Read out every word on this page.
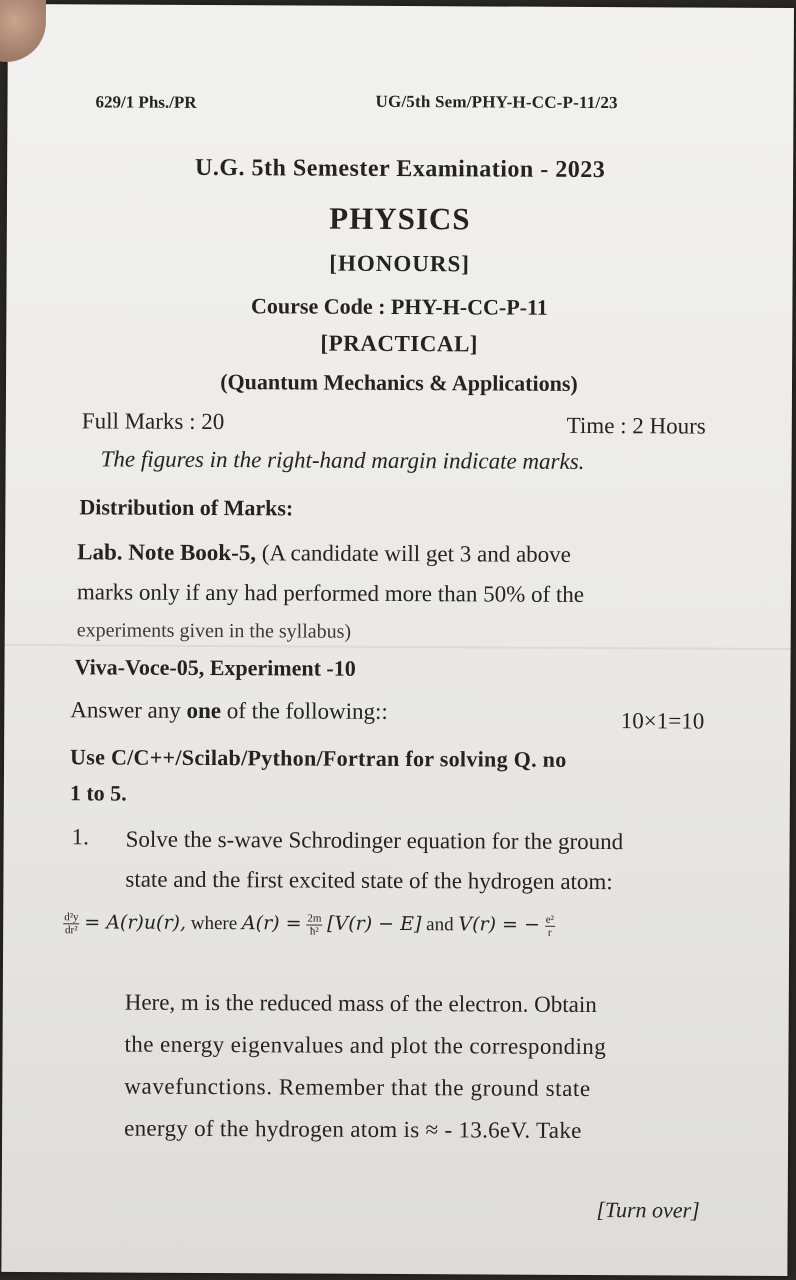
629/1 Phs./PR	UG/5th Sem/PHY-H-CC-P-11/23
U.G. 5th Semester Examination - 2023
PHYSICS
[HONOURS]
Course Code : PHY-H-CC-P-11
[PRACTICAL]
(Quantum Mechanics & Applications)
Full Marks : 20	Time : 2 Hours
The figures in the right-hand margin indicate marks.
Distribution of Marks:
Lab. Note Book-5, (A candidate will get 3 and above
marks only if any had performed more than 50% of the
experiments given in the syllabus)
Viva-Voce-05, Experiment -10
Answer any one of the following::	10×1=10
Use C/C++/Scilab/Python/Fortran for solving Q. no
1 to 5.
1. Solve the s-wave Schrodinger equation for the ground
state and the first excited state of the hydrogen atom:
$\frac{\text{d²y}}{\text{dr²}} = A(r)u(r)$, where $A(r) = \frac{2m}{\text{ħ²}} [V(r) - E]$ and V(r) = − $\frac{\text{e²}}{r}$
Here, m is the reduced mass of the electron. Obtain
the energy eigenvalues and plot the corresponding
wavefunctions. Remember that the ground state
energy of the hydrogen atom is ≈ - 13.6eV. Take
[Turn over]
